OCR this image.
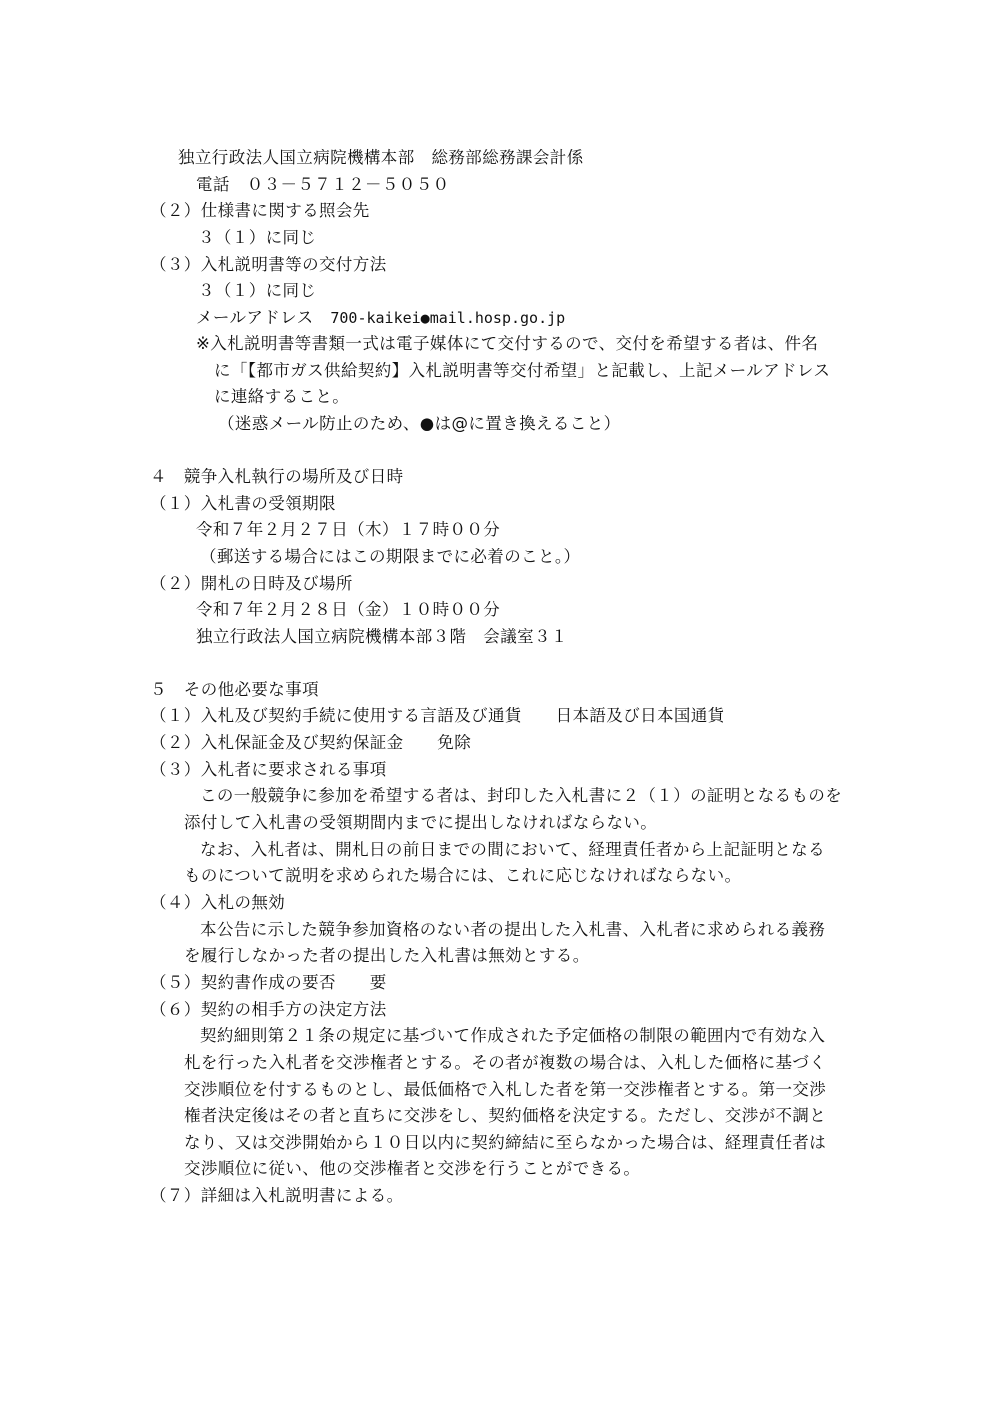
独立行政法人国立病院機構本部　総務部総務課会計係
電話　０３－５７１２－５０５０
（２）仕様書に関する照会先
３（１）に同じ
（３）入札説明書等の交付方法
３（１）に同じ
メールアドレス　700-kaikei●mail.hosp.go.jp
※入札説明書等書類一式は電子媒体にて交付するので、交付を希望する者は、件名
に「【都市ガス供給契約】入札説明書等交付希望」と記載し、上記メールアドレス
に連絡すること。
（迷惑メール防止のため、●は@に置き換えること）
４　競争入札執行の場所及び日時
（１）入札書の受領期限
令和７年２月２７日（木）１７時００分
（郵送する場合にはこの期限までに必着のこと。）
（２）開札の日時及び場所
令和７年２月２８日（金）１０時００分
独立行政法人国立病院機構本部３階　会議室３１
５　その他必要な事項
（１）入札及び契約手続に使用する言語及び通貨　　日本語及び日本国通貨
（２）入札保証金及び契約保証金　　免除
（３）入札者に要求される事項
この一般競争に参加を希望する者は、封印した入札書に２（１）の証明となるものを
添付して入札書の受領期間内までに提出しなければならない。
なお、入札者は、開札日の前日までの間において、経理責任者から上記証明となる
ものについて説明を求められた場合には、これに応じなければならない。
（４）入札の無効
本公告に示した競争参加資格のない者の提出した入札書、入札者に求められる義務
を履行しなかった者の提出した入札書は無効とする。
（５）契約書作成の要否　　要
（６）契約の相手方の決定方法
契約細則第２１条の規定に基づいて作成された予定価格の制限の範囲内で有効な入
札を行った入札者を交渉権者とする。その者が複数の場合は、入札した価格に基づく
交渉順位を付するものとし、最低価格で入札した者を第一交渉権者とする。第一交渉
権者決定後はその者と直ちに交渉をし、契約価格を決定する。ただし、交渉が不調と
なり、又は交渉開始から１０日以内に契約締結に至らなかった場合は、経理責任者は
交渉順位に従い、他の交渉権者と交渉を行うことができる。
（７）詳細は入札説明書による。
